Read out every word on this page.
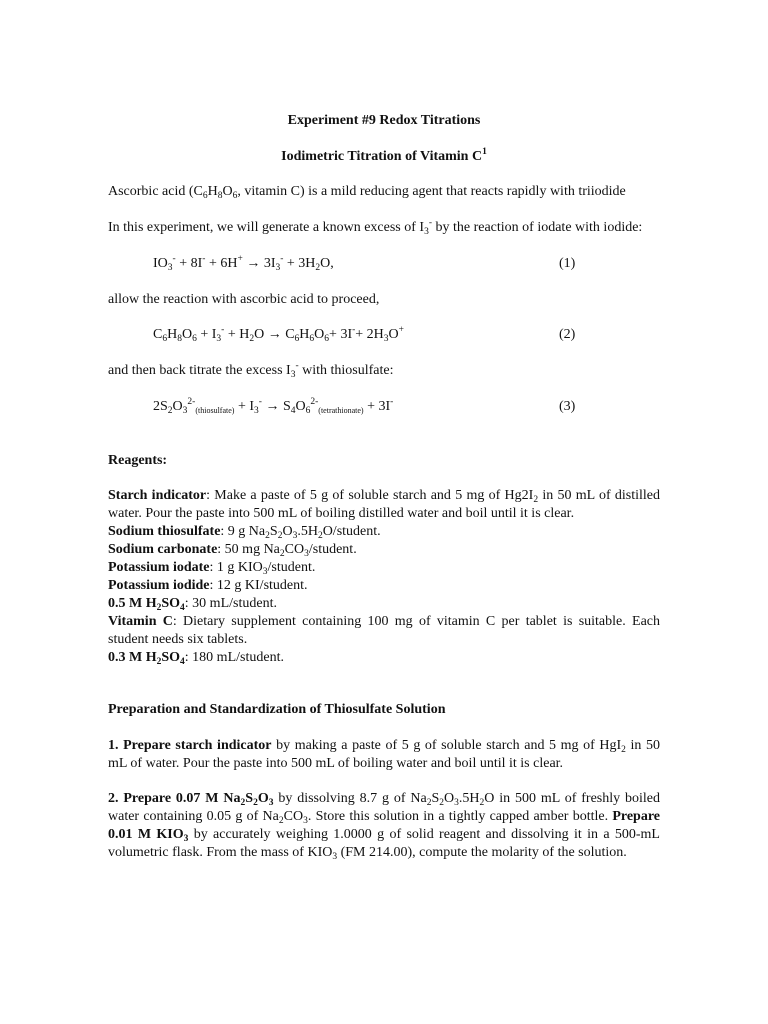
Experiment #9 Redox Titrations
Iodimetric Titration of Vitamin $C^1$
Ascorbic acid ($C_6H_8O_6$, vitamin C) is a mild reducing agent that reacts rapidly with triiodide
In this experiment, we will generate a known excess of $I_3^-$ by the reaction of iodate with iodide:
$IO_3^- + 8I^- + 6H^+ \to 3I_3^- + 3H_2O$,	(1)
allow the reaction with ascorbic acid to proceed,
$C_6H_8O_6 + I_3^- + H_2O \to C_6H_6O_6+ 3I^-+ 2H_3O^+$	(2)
and then back titrate the excess $I_3^-$ with thiosulfate:
$2S_2O_3^{2-}_{(thiosulfate)} + I_3^- \to S_4O_6^{2-}_{(tetrathionate)} + 3I^-$	(3)
Reagents:
Starch indicator: Make a paste of 5 g of soluble starch and 5 mg of $Hg2I_2$ in 50 mL of distilled water. Pour the paste into 500 mL of boiling distilled water and boil until it is clear.
Sodium thiosulfate: 9 g $Na_2S_2O_3.5H_2O$/student.
Sodium carbonate: 50 mg $Na_2CO_3$/student.
Potassium iodate: 1 g $KIO_3$/student.
Potassium iodide: 12 g KI/student.
0.5 M $H_2SO_4$: 30 mL/student.
Vitamin C: Dietary supplement containing 100 mg of vitamin C per tablet is suitable. Each student needs six tablets.
0.3 M $H_2SO_4$: 180 mL/student.
Preparation and Standardization of Thiosulfate Solution
1. Prepare starch indicator by making a paste of 5 g of soluble starch and 5 mg of HgI$_2$ in 50 mL of water. Pour the paste into 500 mL of boiling water and boil until it is clear.
2. Prepare 0.07 M $Na_2S_2O_3$ by dissolving 8.7 g of $Na_2S_2O_3.5H_2O$ in 500 mL of freshly boiled water containing 0.05 g of $Na_2CO_3$. Store this solution in a tightly capped amber bottle. Prepare 0.01 M $KIO_3$ by accurately weighing 1.0000 g of solid reagent and dissolving it in a 500-mL volumetric flask. From the mass of $KIO_3$ (FM 214.00), compute the molarity of the solution.
